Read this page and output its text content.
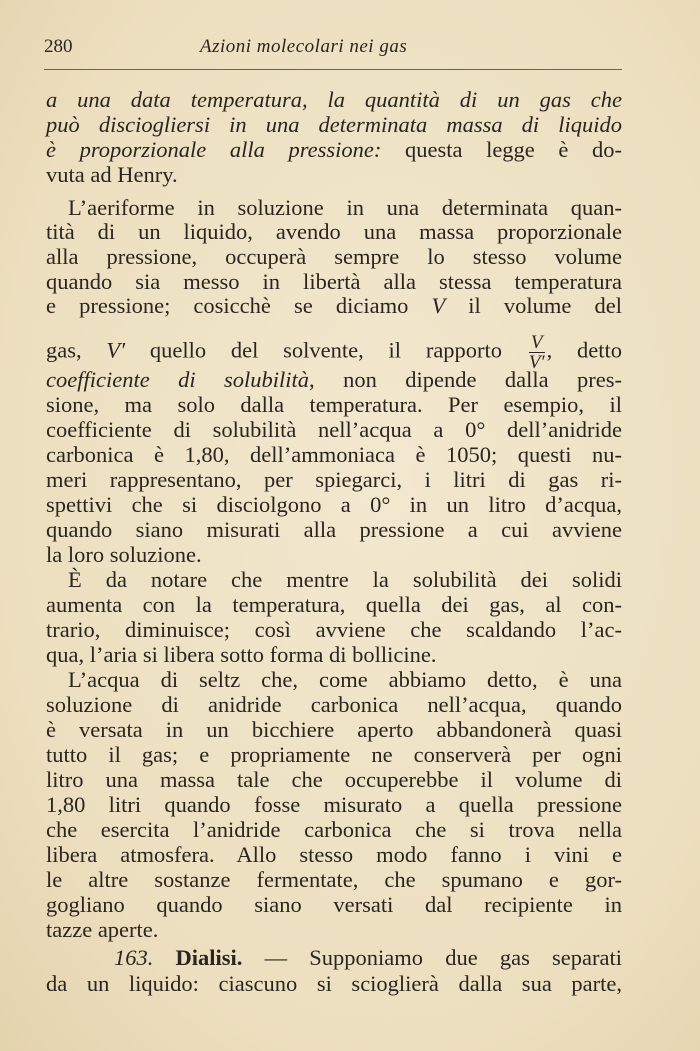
280	Azioni molecolari nei gas
a una data temperatura, la quantità di un gas che
può disciogliersi in una determinata massa di liquido
è proporzionale alla pressione: questa legge è do-
vuta ad Henry.
L’aeriforme in soluzione in una determinata quan-
tità di un liquido, avendo una massa proporzionale
alla pressione, occuperà sempre lo stesso volume
quando sia messo in libertà alla stessa temperatura
e pressione; cosicchè se diciamo V il volume del
gas, V′ quello del solvente, il rapporto $\frac{V}{V'}$ , detto
coefficiente di solubilità, non dipende dalla pres-
sione, ma solo dalla temperatura. Per esempio, il
coefficiente di solubilità nell’acqua a 0° dell’anidride
carbonica è 1,80, dell’ammoniaca è 1050; questi nu-
meri rappresentano, per spiegarci, i litri di gas ri-
spettivi che si disciolgono a 0° in un litro d’acqua,
quando siano misurati alla pressione a cui avviene
la loro soluzione.
È da notare che mentre la solubilità dei solidi
aumenta con la temperatura, quella dei gas, al con-
trario, diminuisce; così avviene che scaldando l’ac-
qua, l’aria si libera sotto forma di bollicine.
L’acqua di seltz che, come abbiamo detto, è una
soluzione di anidride carbonica nell’acqua, quando
è versata in un bicchiere aperto abbandonerà quasi
tutto il gas; e propriamente ne conserverà per ogni
litro una massa tale che occuperebbe il volume di
1,80 litri quando fosse misurato a quella pressione
che esercita l’anidride carbonica che si trova nella
libera atmosfera. Allo stesso modo fanno i vini e
le altre sostanze fermentate, che spumano e gor-
gogliano quando siano versati dal recipiente in
tazze aperte.
163. Dialisi. — Supponiamo due gas separati
da un liquido: ciascuno si scioglierà dalla sua parte,
